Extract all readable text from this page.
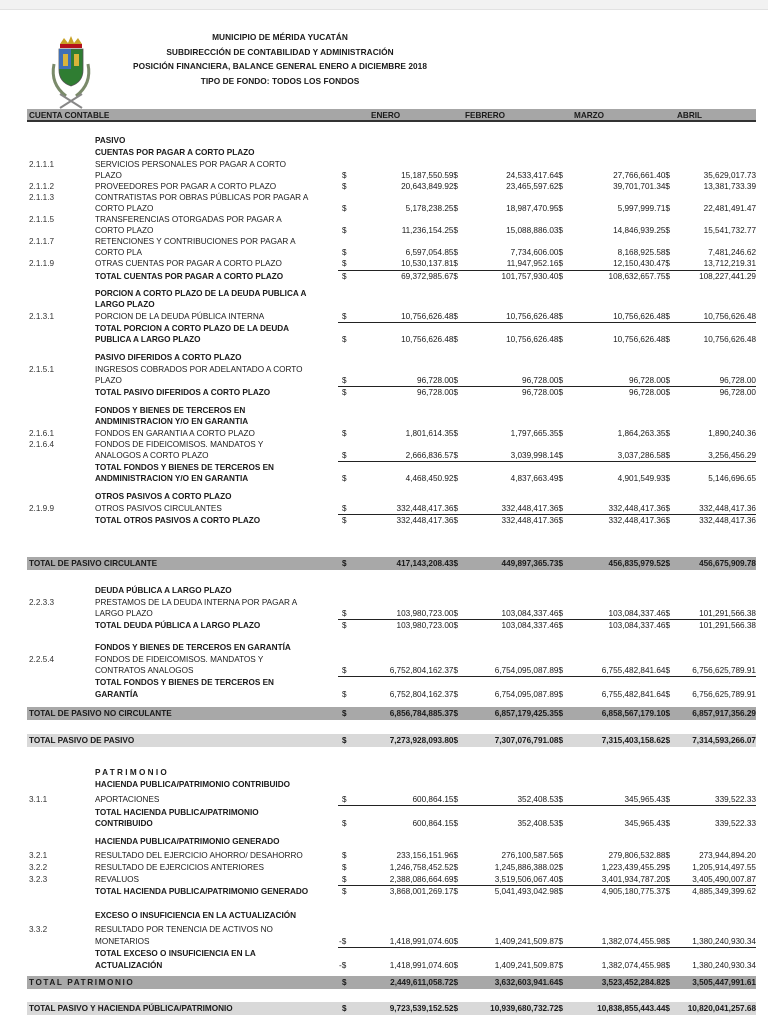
MUNICIPIO DE MÉRIDA YUCATÁN
SUBDIRECCIÓN DE CONTABILIDAD Y ADMINISTRACIÓN
POSICIÓN FINANCIERA, BALANCE GENERAL ENERO A DICIEMBRE 2018
TIPO DE FONDO: TODOS LOS FONDOS
CUENTA CONTABLE	ENERO	FEBRERO	MARZO	ABRIL
PASIVO
CUENTAS POR PAGAR A CORTO PLAZO
2.1.1.1	SERVICIOS PERSONALES POR PAGAR A CORTO
PLAZO	$	15,187,550.59$	24,533,417.64$	27,766,661.40$	35,629,017.73
2.1.1.2	PROVEEDORES POR PAGAR A CORTO PLAZO	$	20,643,849.92$	23,465,597.62$	39,701,701.34$	13,381,733.39
2.1.1.3	CONTRATISTAS POR OBRAS PÚBLICAS POR PAGAR A
CORTO PLAZO	$	5,178,238.25$	18,987,470.95$	5,997,999.71$	22,481,491.47
2.1.1.5	TRANSFERENCIAS OTORGADAS POR PAGAR A
CORTO PLAZO	$	11,236,154.25$	15,088,886.03$	14,846,939.25$	15,541,732.77
2.1.1.7	RETENCIONES Y CONTRIBUCIONES POR PAGAR A
CORTO PLA	$	6,597,054.85$	7,734,606.00$	8,168,925.58$	7,481,246.62
2.1.1.9	OTRAS CUENTAS POR PAGAR A CORTO PLAZO	$	10,530,137.81$	11,947,952.16$	12,150,430.47$	13,712,219.31
TOTAL CUENTAS POR PAGAR A CORTO PLAZO	$	69,372,985.67$	101,757,930.40$	108,632,657.75$	108,227,441.29
PORCION A CORTO PLAZO DE LA DEUDA PUBLICA A
LARGO PLAZO
2.1.3.1	PORCION DE LA DEUDA PÚBLICA INTERNA	$	10,756,626.48$	10,756,626.48$	10,756,626.48$	10,756,626.48
TOTAL PORCION A CORTO PLAZO DE LA DEUDA
PUBLICA A LARGO PLAZO	$	10,756,626.48$	10,756,626.48$	10,756,626.48$	10,756,626.48
PASIVO DIFERIDOS A CORTO PLAZO
2.1.5.1	INGRESOS COBRADOS POR ADELANTADO A CORTO
PLAZO	$	96,728.00$	96,728.00$	96,728.00$	96,728.00
TOTAL PASIVO DIFERIDOS A CORTO PLAZO	$	96,728.00$	96,728.00$	96,728.00$	96,728.00
FONDOS Y BIENES DE TERCEROS EN
ANDMINISTRACION Y/O EN GARANTIA
2.1.6.1	FONDOS EN GARANTIA A CORTO PLAZO	$	1,801,614.35$	1,797,665.35$	1,864,263.35$	1,890,240.36
2.1.6.4	FONDOS DE FIDEICOMISOS. MANDATOS Y
ANALOGOS A CORTO PLAZO	$	2,666,836.57$	3,039,998.14$	3,037,286.58$	3,256,456.29
TOTAL FONDOS Y BIENES DE TERCEROS EN
ANDMINISTRACION Y/O EN GARANTIA	$	4,468,450.92$	4,837,663.49$	4,901,549.93$	5,146,696.65
OTROS PASIVOS A CORTO PLAZO
2.1.9.9	OTROS PASIVOS CIRCULANTES	$	332,448,417.36$	332,448,417.36$	332,448,417.36$	332,448,417.36
TOTAL OTROS PASIVOS A CORTO PLAZO	$	332,448,417.36$	332,448,417.36$	332,448,417.36$	332,448,417.36
TOTAL DE PASIVO CIRCULANTE	$	417,143,208.43$	449,897,365.73$	456,835,979.52$	456,675,909.78
DEUDA PÚBLICA A LARGO PLAZO
2.2.3.3	PRESTAMOS DE LA DEUDA INTERNA POR PAGAR A
LARGO PLAZO	$	103,980,723.00$	103,084,337.46$	103,084,337.46$	101,291,566.38
TOTAL DEUDA PÚBLICA A LARGO PLAZO	$	103,980,723.00$	103,084,337.46$	103,084,337.46$	101,291,566.38
FONDOS Y BIENES DE TERCEROS EN GARANTÍA
2.2.5.4	FONDOS DE FIDEICOMISOS. MANDATOS Y
CONTRATOS ANALOGOS	$	6,752,804,162.37$	6,754,095,087.89$	6,755,482,841.64$	6,756,625,789.91
TOTAL FONDOS Y BIENES DE TERCEROS EN
GARANTÍA	$	6,752,804,162.37$	6,754,095,087.89$	6,755,482,841.64$	6,756,625,789.91
TOTAL DE PASIVO NO CIRCULANTE	$	6,856,784,885.37$	6,857,179,425.35$	6,858,567,179.10$	6,857,917,356.29
TOTAL PASIVO DE PASIVO	$	7,273,928,093.80$	7,307,076,791.08$	7,315,403,158.62$	7,314,593,266.07
PATRIMONIO
HACIENDA PUBLICA/PATRIMONIO CONTRIBUIDO
3.1.1	APORTACIONES	$	600,864.15$	352,408.53$	345,965.43$	339,522.33
TOTAL HACIENDA PUBLICA/PATRIMONIO
CONTRIBUIDO	$	600,864.15$	352,408.53$	345,965.43$	339,522.33
HACIENDA PUBLICA/PATRIMONIO GENERADO
3.2.1	RESULTADO DEL EJERCICIO AHORRO/ DESAHORRO	$	233,156,151.96$	276,100,587.56$	279,806,532.88$	273,944,894.20
3.2.2	RESULTADO DE EJERCICIOS ANTERIORES	$	1,246,758,452.52$	1,245,886,388.02$	1,223,439,455.29$	1,205,914,497.55
3.2.3	REVALUOS	$	2,388,086,664.69$	3,519,506,067.40$	3,401,934,787.20$	3,405,490,007.87
TOTAL HACIENDA PUBLICA/PATRIMONIO GENERADO	$	3,868,001,269.17$	5,041,493,042.98$	4,905,180,775.37$	4,885,349,399.62
EXCESO O INSUFICIENCIA EN LA ACTUALIZACIÓN
3.3.2	RESULTADO POR TENENCIA DE ACTIVOS NO
MONETARIOS	-$	1,418,991,074.60$	1,409,241,509.87$	1,382,074,455.98$	1,380,240,930.34
TOTAL EXCESO O INSUFICIENCIA EN LA
ACTUALIZACIÓN	-$	1,418,991,074.60$	1,409,241,509.87$	1,382,074,455.98$	1,380,240,930.34
TOTAL PATRIMONIO	$	2,449,611,058.72$	3,632,603,941.64$	3,523,452,284.82$	3,505,447,991.61
TOTAL PASIVO Y HACIENDA PÚBLICA/PATRIMONIO	$	9,723,539,152.52$	10,939,680,732.72$	10,838,855,443.44$	10,820,041,257.68
